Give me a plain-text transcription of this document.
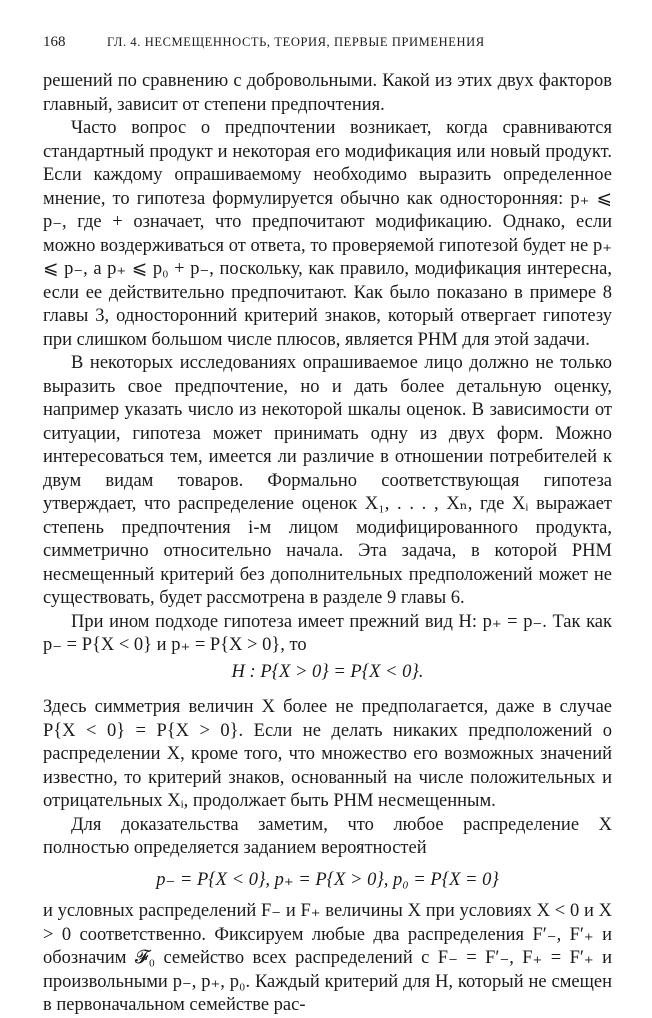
168	ГЛ. 4. НЕСМЕЩЕННОСТЬ, ТЕОРИЯ, ПЕРВЫЕ ПРИМЕНЕНИЯ

решений по сравнению с добровольными. Какой из этих двух факторов главный, зависит от степени предпочтения.

Часто вопрос о предпочтении возникает, когда сравниваются стандартный продукт и некоторая его модификация или новый продукт. Если каждому опрашиваемому необходимо выразить определенное мнение, то гипотеза формулируется обычно как односторонняя: p₊ ⩽ p₋, где + означает, что предпочитают модификацию. Однако, если можно воздерживаться от ответа, то проверяемой гипотезой будет не p₊ ⩽ p₋, а p₊ ⩽ p₀ + p₋, поскольку, как правило, модификация интересна, если ее действительно предпочитают. Как было показано в примере 8 главы 3, односторонний критерий знаков, который отвергает гипотезу при слишком большом числе плюсов, является РНМ для этой задачи.

В некоторых исследованиях опрашиваемое лицо должно не только выразить свое предпочтение, но и дать более детальную оценку, например указать число из некоторой шкалы оценок. В зависимости от ситуации, гипотеза может принимать одну из двух форм. Можно интересоваться тем, имеется ли различие в отношении потребителей к двум видам товаров. Формально соответствующая гипотеза утверждает, что распределение оценок X₁, . . . , Xₙ, где Xᵢ выражает степень предпочтения i-м лицом модифицированного продукта, симметрично относительно начала. Эта задача, в которой РНМ несмещенный критерий без дополнительных предположений может не существовать, будет рассмотрена в разделе 9 главы 6.

При ином подходе гипотеза имеет прежний вид H: p₊ = p₋. Так как p₋ = P{X < 0} и p₊ = P{X > 0}, то

H : P{X > 0} = P{X < 0}.

Здесь симметрия величин X более не предполагается, даже в случае P{X < 0} = P{X > 0}. Если не делать никаких предположений о распределении X, кроме того, что множество его возможных значений известно, то критерий знаков, основанный на числе положительных и отрицательных Xᵢ, продолжает быть РНМ несмещенным.

Для доказательства заметим, что любое распределение X полностью определяется заданием вероятностей

p₋ = P{X < 0}, p₊ = P{X > 0}, p₀ = P{X = 0}

и условных распределений F₋ и F₊ величины X при условиях X < 0 и X > 0 соответственно. Фиксируем любые два распределения F′₋, F′₊ и обозначим 𝓕₀ семейство всех распределений с F₋ = F′₋, F₊ = F′₊ и произвольными p₋, p₊, p₀. Каждый критерий для H, который не смещен в первоначальном семействе рас-
